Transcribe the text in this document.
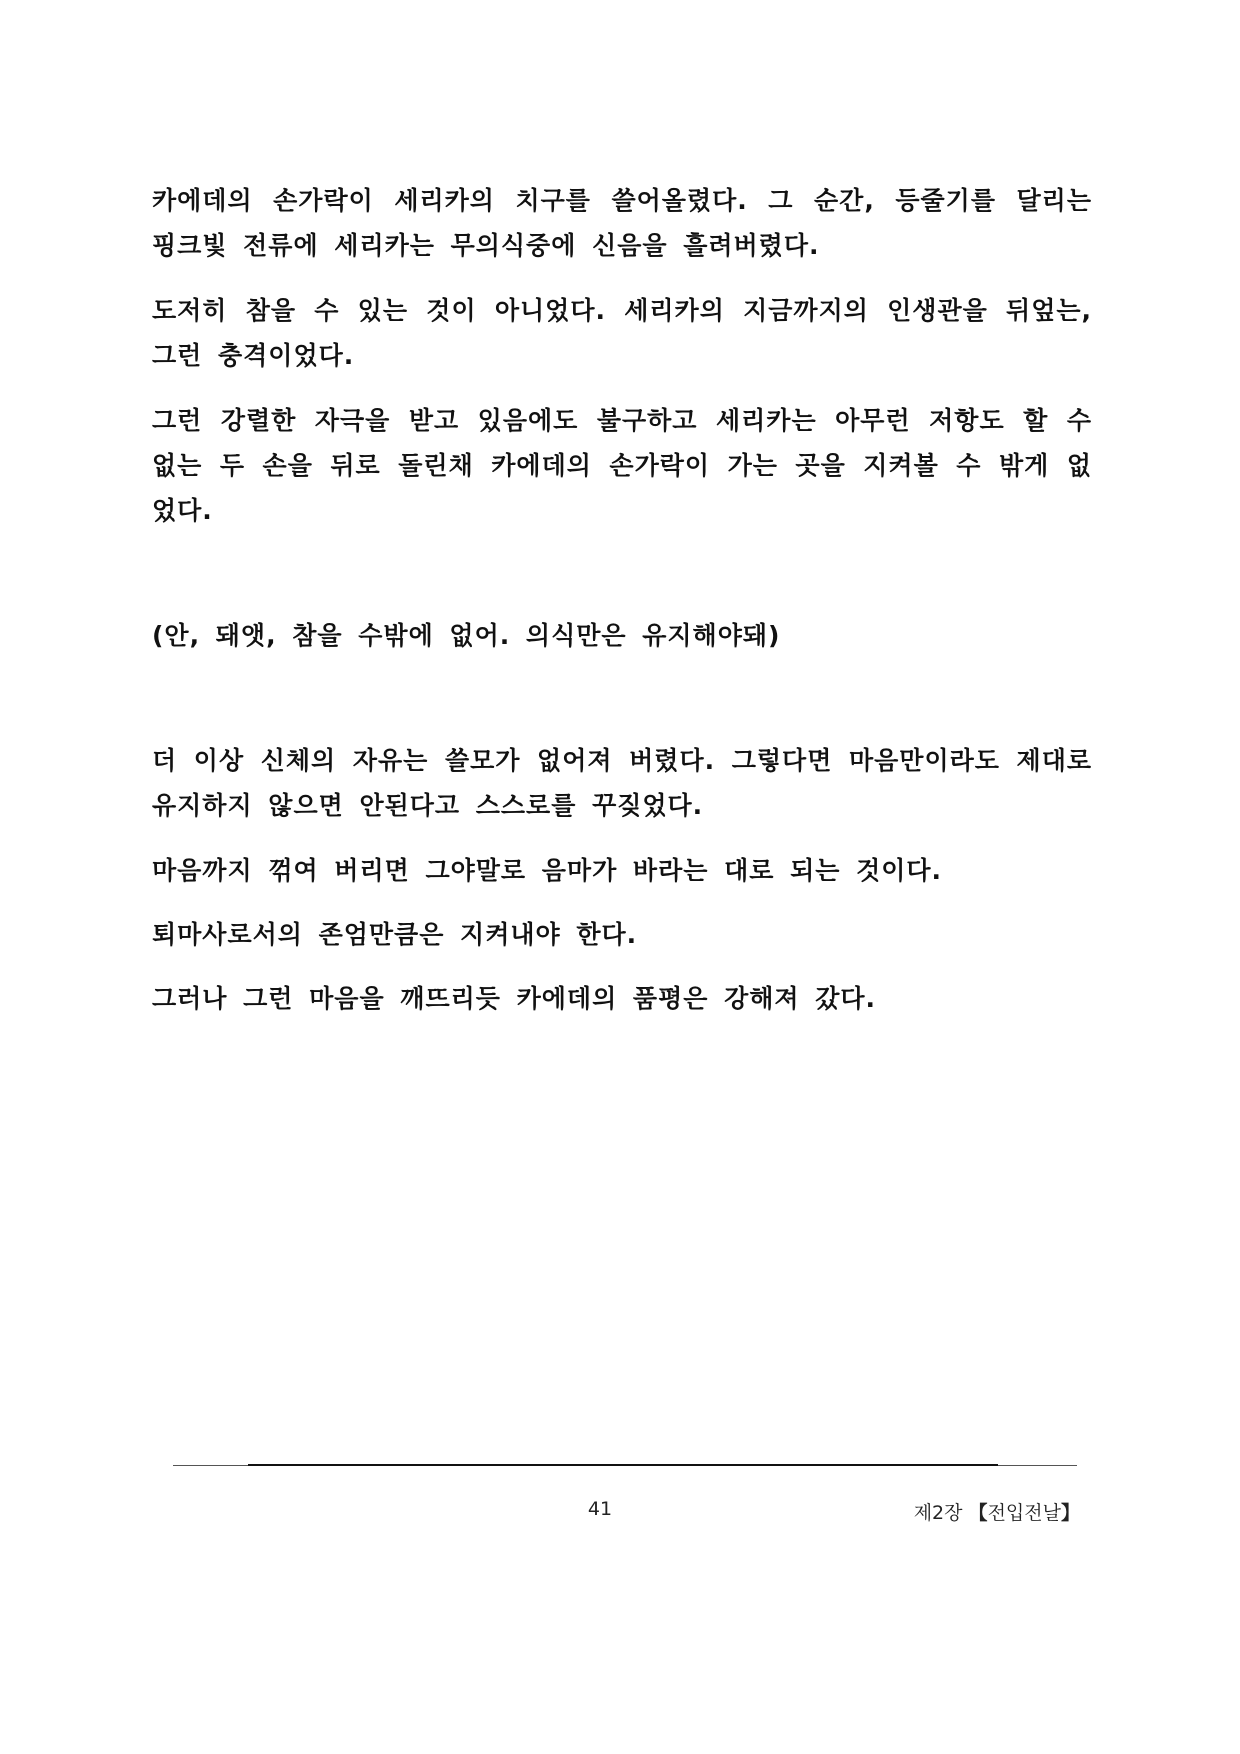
카에데의 손가락이 세리카의 치구를 쓸어올렸다. 그 순간, 등줄기를 달리는 핑크빛 전류에 세리카는 무의식중에 신음을 흘려버렸다.

도저히 참을 수 있는 것이 아니었다. 세리카의 지금까지의 인생관을 뒤엎는, 그런 충격이었다.

그런 강렬한 자극을 받고 있음에도 불구하고 세리카는 아무런 저항도 할 수 없는 두 손을 뒤로 돌린채 카에데의 손가락이 가는 곳을 지켜볼 수 밖게 없었다.

(안, 돼앳, 참을 수밖에 없어. 의식만은 유지해야돼)

더 이상 신체의 자유는 쓸모가 없어져 버렸다. 그렇다면 마음만이라도 제대로 유지하지 않으면 안된다고 스스로를 꾸짖었다.

마음까지 꺾여 버리면 그야말로 음마가 바라는 대로 되는 것이다.

퇴마사로서의 존엄만큼은 지켜내야 한다.

그러나 그런 마음을 깨뜨리듯 카에데의 품평은 강해져 갔다.

41	제2장 【전입전날】
